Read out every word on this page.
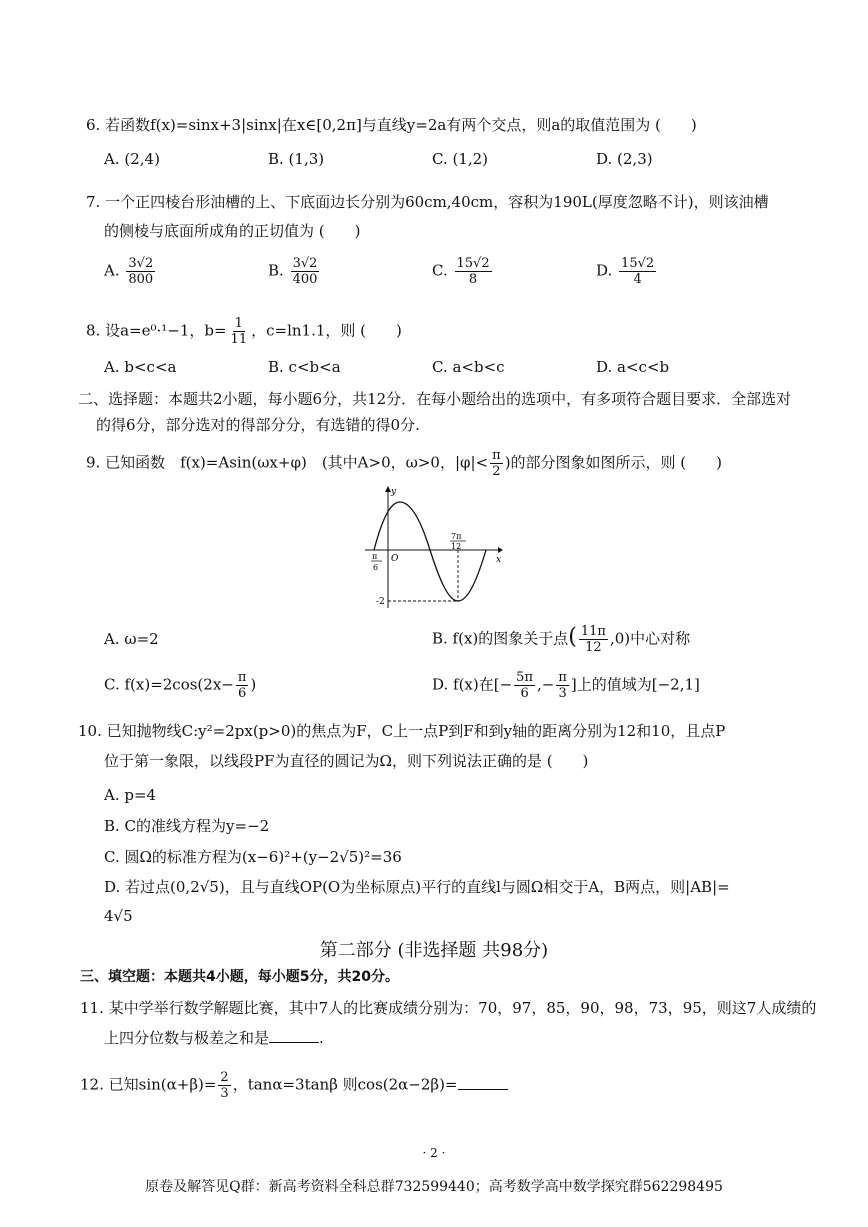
6. 若函数f(x)=sinx+3|sinx|在x∈[0,2π]与直线y=2a有两个交点，则a的取值范围为 (　　)
A. (2,4)	B. (1,3)	C. (1,2)	D. (2,3)
7. 一个正四棱台形油槽的上、下底面边长分别为60cm,40cm，容积为190L(厚度忽略不计)，则该油槽
的侧棱与底面所成角的正切值为 (　　)
A. $\frac{3√2}{800}$	B. $\frac{3√2}{400}$	C. $\frac{15√2}{8}$	D. $\frac{15√2}{4}$
8. 设a=e⁰·¹−1，$b= \frac{1}{11}$ ，c=ln1.1，则 (　　)
A. b<c<a	B. c<b<a	C. a<b<c	D. a<c<b
二、选择题：本题共2小题，每小题6分，共12分．在每小题给出的选项中，有多项符合题目要求．全部选对
的得6分，部分选对的得部分分，有选错的得0分.
9. 已知函数　f(x)=Asin(ωx+φ)　(其中A>0，ω>0，$|\varphi|< \frac{\pi}{2}$ )的部分图象如图所示，则 (　　)
y
x
O
π
6
7π
12
-2
A. ω=2	B. f(x)的图象关于点( $\frac{11\pi}{12} ,0$)中心对称
C. $f(x)=2\cos(2x- \frac{\pi}{6}$ )	D. f(x)在[− $\frac{5\pi}{6}$ ,− $\frac{\pi}{3}$ ]上的值域为[−2,1]
10. 已知抛物线C:y²=2px(p>0)的焦点为F，C上一点P到F和到y轴的距离分别为12和10，且点P
位于第一象限，以线段PF为直径的圆记为Ω，则下列说法正确的是 (　　)
A. p=4
B. C的准线方程为y=−2
C. 圆Ω的标准方程为(x−6)²+(y−2√5)²=36
D. 若过点(0,2√5)，且与直线OP(O为坐标原点)平行的直线l与圆Ω相交于A，B两点，则|AB|=
4√5
第二部分 (非选择题 共98分)
三、填空题：本题共4小题，每小题5分，共20分。
11. 某中学举行数学解题比赛，其中7人的比赛成绩分别为：70，97，85，90，98，73，95，则这7人成绩的
上四分位数与极差之和是	.
12. 已知$\sin(\alpha+\beta)= \frac{2}{3}$ ，tanα=3tanβ 则cos(2α−2β)=
· 2 ·
原卷及解答见Q群：新高考资料全科总群732599440；高考数学高中数学探究群562298495
